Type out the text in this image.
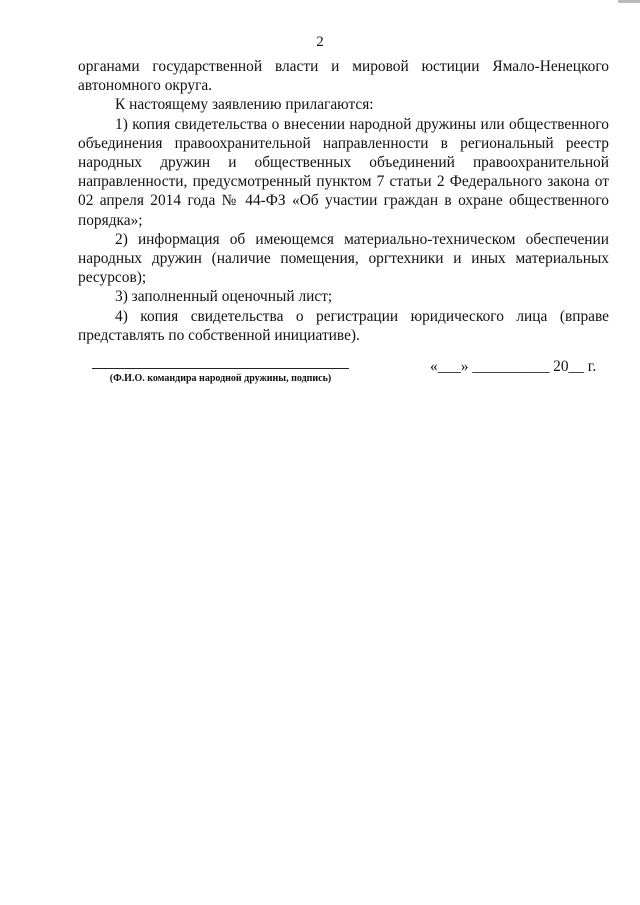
2

органами государственной власти и мировой юстиции Ямало-Ненецкого автономного округа.

К настоящему заявлению прилагаются:

1) копия свидетельства о внесении народной дружины или общественного объединения правоохранительной направленности в региональный реестр народных дружин и общественных объединений правоохранительной направленности, предусмотренный пунктом 7 статьи 2 Федерального закона от 02 апреля 2014 года № 44-ФЗ «Об участии граждан в охране общественного порядка»;

2) информация об имеющемся материально-техническом обеспечении народных дружин (наличие помещения, оргтехники и иных материальных ресурсов);

3) заполненный оценочный лист;

4) копия свидетельства о регистрации юридического лица (вправе представлять по собственной инициативе).

(Ф.И.О. командира народной дружины, подпись)
«___» __________ 20__ г.
